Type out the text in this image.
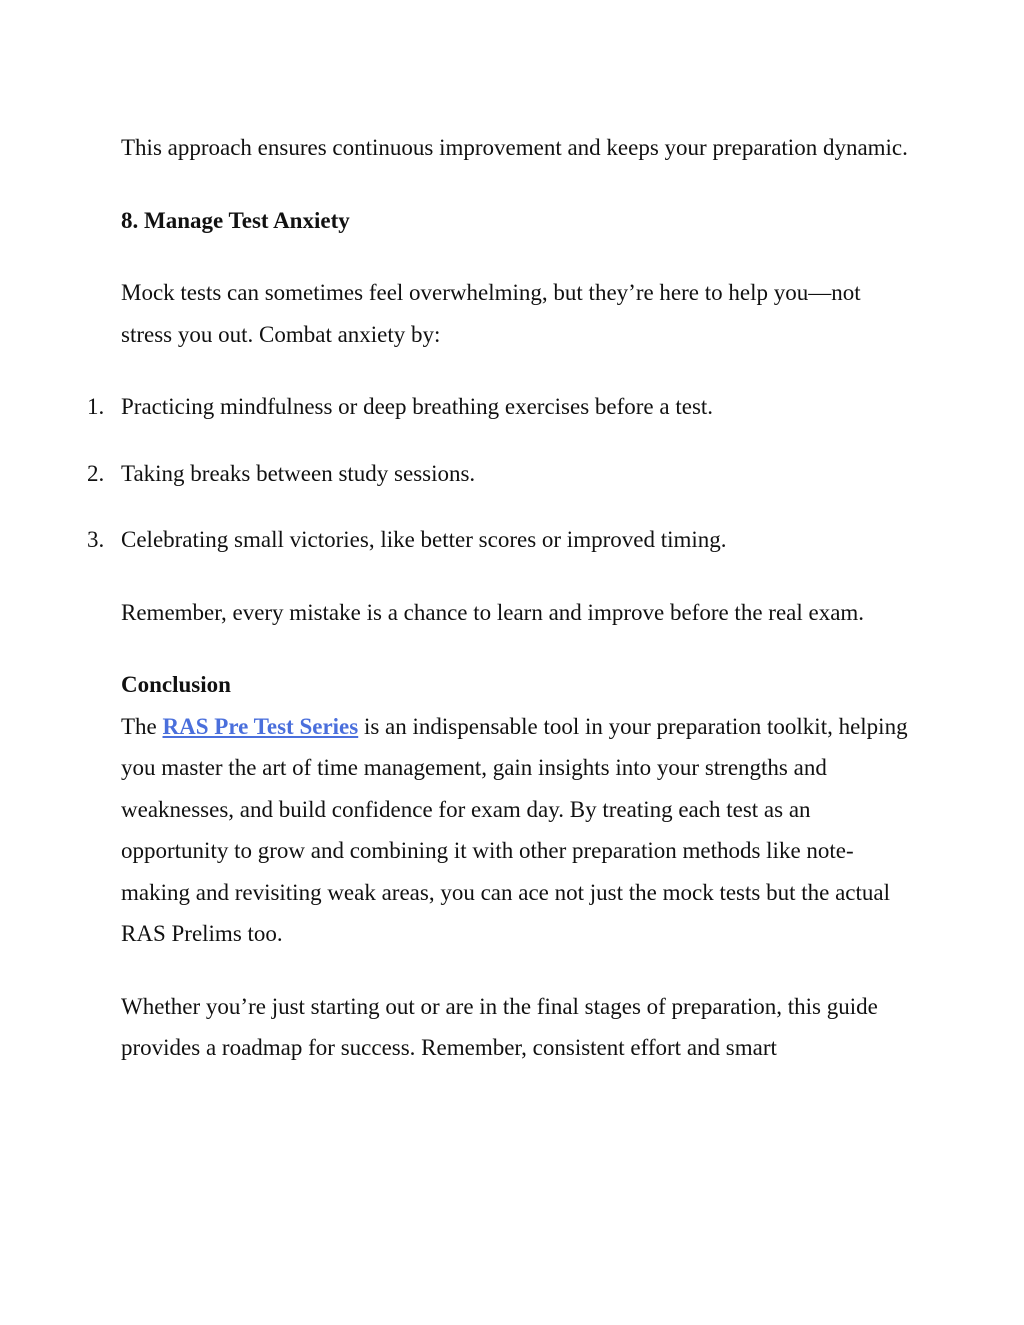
This approach ensures continuous improvement and keeps your preparation dynamic.

8. Manage Test Anxiety

Mock tests can sometimes feel overwhelming, but they’re here to help you—not stress you out. Combat anxiety by:

1. Practicing mindfulness or deep breathing exercises before a test.
2. Taking breaks between study sessions.
3. Celebrating small victories, like better scores or improved timing.

Remember, every mistake is a chance to learn and improve before the real exam.

Conclusion

The RAS Pre Test Series is an indispensable tool in your preparation toolkit, helping you master the art of time management, gain insights into your strengths and weaknesses, and build confidence for exam day. By treating each test as an opportunity to grow and combining it with other preparation methods like note-making and revisiting weak areas, you can ace not just the mock tests but the actual RAS Prelims too.

Whether you’re just starting out or are in the final stages of preparation, this guide provides a roadmap for success. Remember, consistent effort and smart
